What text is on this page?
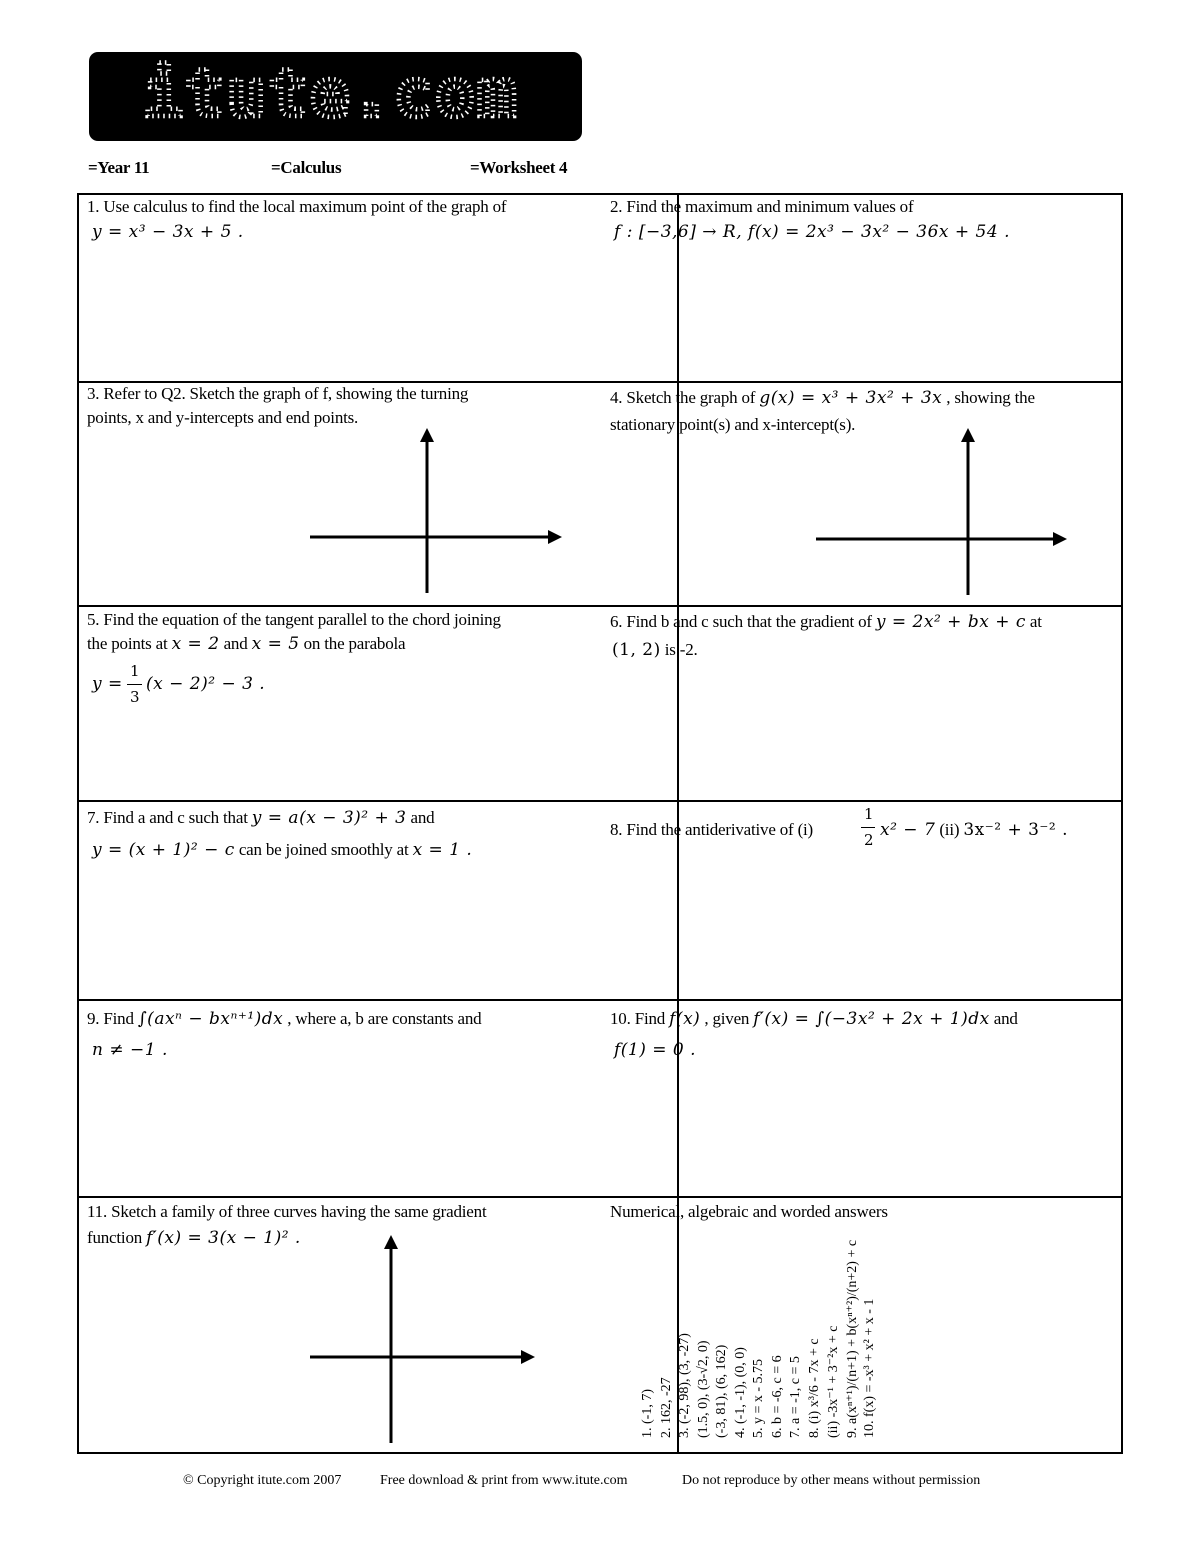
itute.com
=Year 11	=Calculus	=Worksheet 4
1. Use calculus to find the local maximum point of the graph of
y = x³ − 3x + 5 .
2. Find the maximum and minimum values of
f : [−3,6] → R, f(x) = 2x³ − 3x² − 36x + 54 .
3. Refer to Q2. Sketch the graph of f, showing the turning
points, x and y-intercepts and end points.
4. Sketch the graph of g(x) = x³ + 3x² + 3x , showing the
stationary point(s) and x-intercept(s).
5. Find the equation of the tangent parallel to the chord joining
the points at x = 2 and x = 5 on the parabola
y =
1
3
(x − 2)² − 3 .
6. Find b and c such that the gradient of y = 2x² + bx + c at
(1, 2) is -2.
7. Find a and c such that y = a(x − 3)² + 3 and
y = (x + 1)² − c can be joined smoothly at x = 1 .
8. Find the antiderivative of (i)
1
2 x² − 7 (ii) 3x⁻² + 3⁻² .
9. Find ∫(axⁿ − bxⁿ⁺¹)dx , where a, b are constants and
n ≠ −1 .
10. Find f(x) , given f′(x) = ∫(−3x² + 2x + 1)dx and
f(1) = 0 .
11. Sketch a family of three curves having the same gradient
function f′(x) = 3(x − 1)² .
Numerical, algebraic and worded answers
1. (-1, 7) 2. 162, -27 3. (-2, 98), (3, -27) (1.5, 0), (3-√2, 0) (-3, 81), (6, 162) 4. (-1, -1), (0, 0) 5. y = x - 5.75 6. b = -6, c = 6 7. a = -1, c = 5 8. (i) x³/6 - 7x + c (ii) -3x⁻¹ + 3⁻²x + c 9. a(xⁿ⁺¹)/(n+1) + b(xⁿ⁺²)/(n+2) + c 10. f(x) = -x³ + x² + x - 1
© Copyright itute.com 2007	Free download & print from www.itute.com	Do not reproduce by other means without permission
